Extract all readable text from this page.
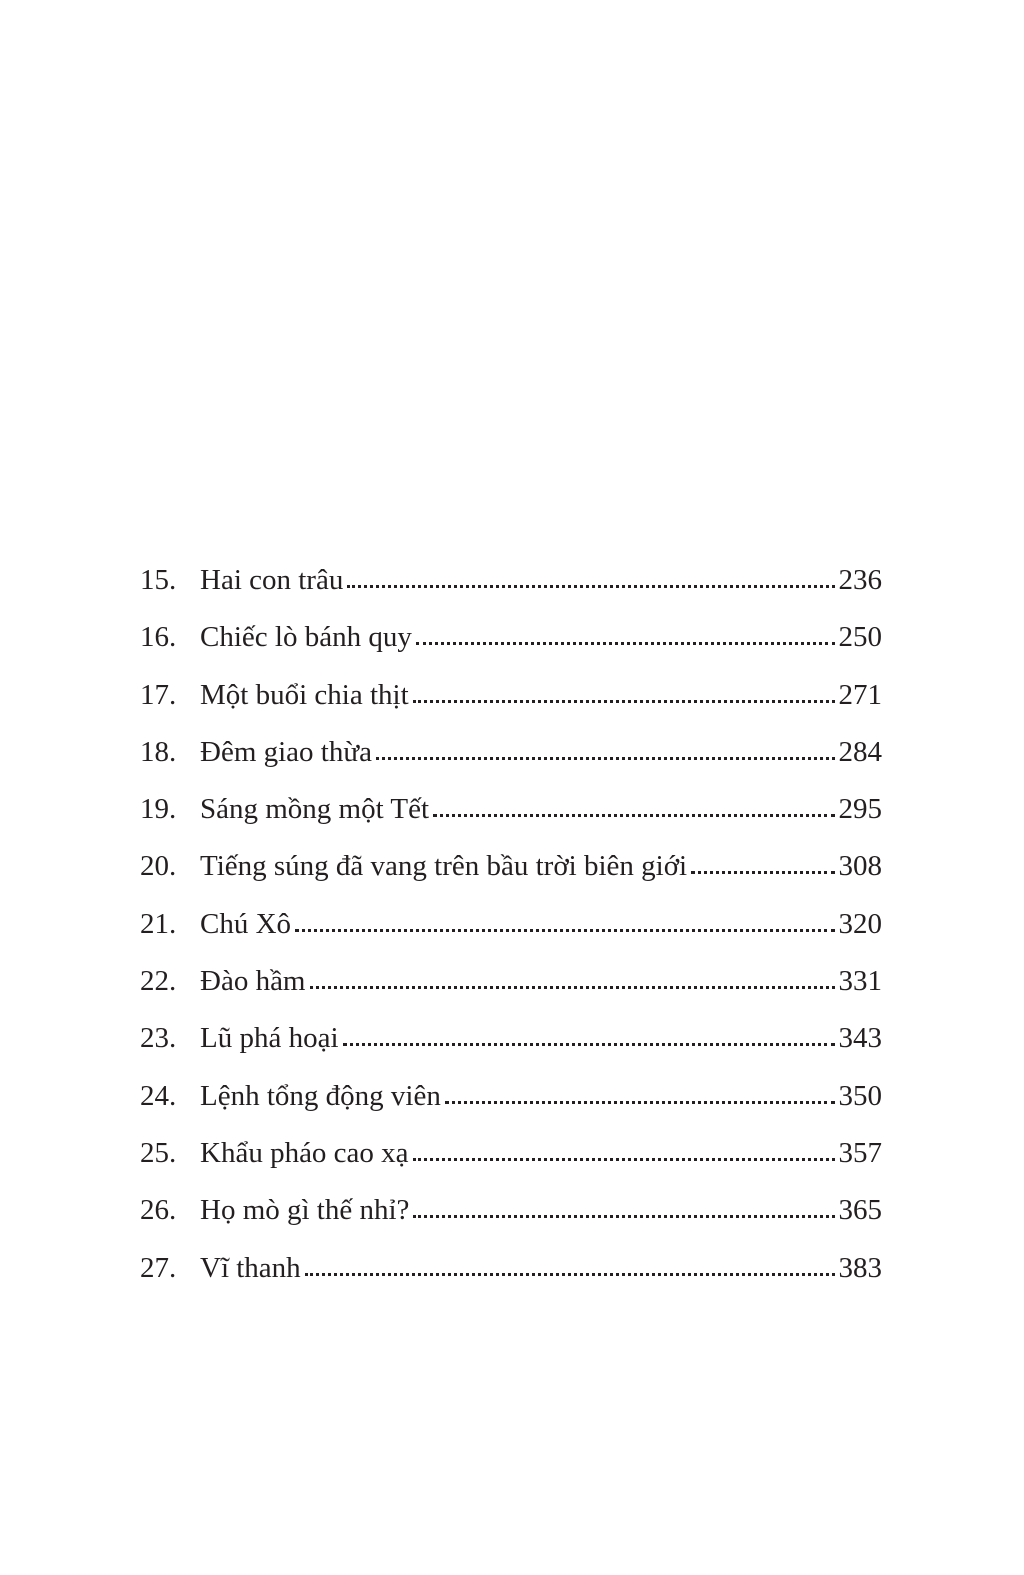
15. Hai con trâu	236
16. Chiếc lò bánh quy	250
17. Một buổi chia thịt	271
18. Đêm giao thừa	284
19. Sáng mồng một Tết	295
20. Tiếng súng đã vang trên bầu trời biên giới	308
21. Chú Xô	320
22. Đào hầm	331
23. Lũ phá hoại	343
24. Lệnh tổng động viên	350
25. Khẩu pháo cao xạ	357
26. Họ mò gì thế nhỉ?	365
27. Vĩ thanh	383
